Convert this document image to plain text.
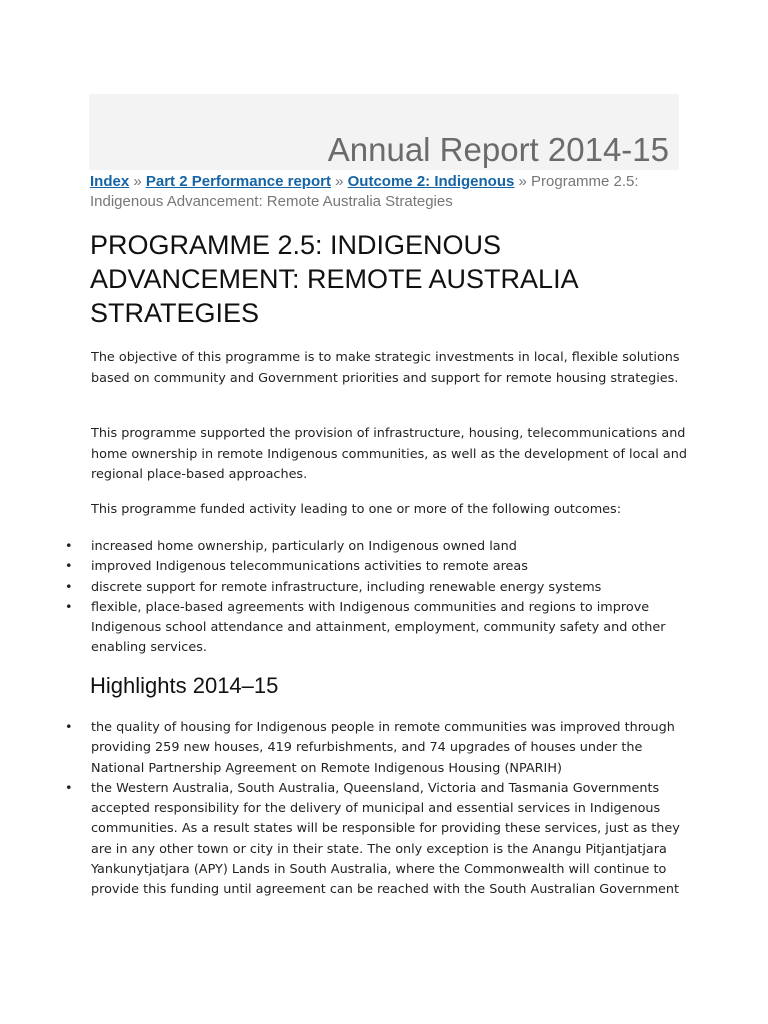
Annual Report 2014-15
Index » Part 2 Performance report » Outcome 2: Indigenous » Programme 2.5: Indigenous Advancement: Remote Australia Strategies
PROGRAMME 2.5: INDIGENOUS ADVANCEMENT: REMOTE AUSTRALIA STRATEGIES

The objective of this programme is to make strategic investments in local, flexible solutions based on community and Government priorities and support for remote housing strategies.

This programme supported the provision of infrastructure, housing, telecommunications and home ownership in remote Indigenous communities, as well as the development of local and regional place-based approaches.

This programme funded activity leading to one or more of the following outcomes:

• increased home ownership, particularly on Indigenous owned land
• improved Indigenous telecommunications activities to remote areas
• discrete support for remote infrastructure, including renewable energy systems
• flexible, place-based agreements with Indigenous communities and regions to improve Indigenous school attendance and attainment, employment, community safety and other enabling services.
Highlights 2014–15
• the quality of housing for Indigenous people in remote communities was improved through providing 259 new houses, 419 refurbishments, and 74 upgrades of houses under the National Partnership Agreement on Remote Indigenous Housing (NPARIH)
• the Western Australia, South Australia, Queensland, Victoria and Tasmania Governments accepted responsibility for the delivery of municipal and essential services in Indigenous communities. As a result states will be responsible for providing these services, just as they are in any other town or city in their state. The only exception is the Anangu Pitjantjatjara Yankunytjatjara (APY) Lands in South Australia, where the Commonwealth will continue to provide this funding until agreement can be reached with the South Australian Government
